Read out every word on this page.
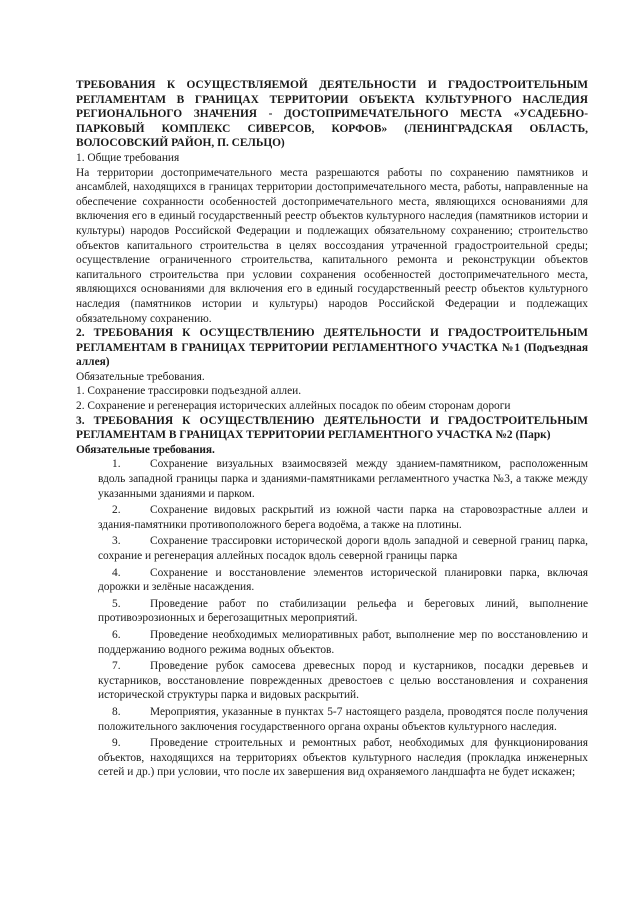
ТРЕБОВАНИЯ К ОСУЩЕСТВЛЯЕМОЙ ДЕЯТЕЛЬНОСТИ И ГРАДОСТРОИТЕЛЬНЫМ РЕГЛАМЕНТАМ В ГРАНИЦАХ ТЕРРИТОРИИ ОБЪЕКТА КУЛЬТУРНОГО НАСЛЕДИЯ РЕГИОНАЛЬНОГО ЗНАЧЕНИЯ - ДОСТОПРИМЕЧАТЕЛЬНОГО МЕСТА «УСАДЕБНО-ПАРКОВЫЙ КОМПЛЕКС СИВЕРСОВ, КОРФОВ» (ЛЕНИНГРАДСКАЯ ОБЛАСТЬ, ВОЛОСОВСКИЙ РАЙОН, П. СЕЛЬЦО)

1. Общие требования

На территории достопримечательного места разрешаются работы по сохранению памятников и ансамблей, находящихся в границах территории достопримечательного места, работы, направленные на обеспечение сохранности особенностей достопримечательного места, являющихся основаниями для включения его в единый государственный реестр объектов культурного наследия (памятников истории и культуры) народов Российской Федерации и подлежащих обязательному сохранению; строительство объектов капитального строительства в целях воссоздания утраченной градостроительной среды; осуществление ограниченного строительства, капитального ремонта и реконструкции объектов капитального строительства при условии сохранения особенностей достопримечательного места, являющихся основаниями для включения его в единый государственный реестр объектов культурного наследия (памятников истории и культуры) народов Российской Федерации и подлежащих обязательному сохранению.

2. ТРЕБОВАНИЯ К ОСУЩЕСТВЛЕНИЮ ДЕЯТЕЛЬНОСТИ И ГРАДОСТРОИТЕЛЬНЫМ РЕГЛАМЕНТАМ В ГРАНИЦАХ ТЕРРИТОРИИ РЕГЛАМЕНТНОГО УЧАСТКА №1 (Подъездная аллея)

Обязательные требования.

1. Сохранение трассировки подъездной аллеи.

2. Сохранение и регенерация исторических аллейных посадок по обеим сторонам дороги

3. ТРЕБОВАНИЯ К ОСУЩЕСТВЛЕНИЮ ДЕЯТЕЛЬНОСТИ И ГРАДОСТРОИТЕЛЬНЫМ РЕГЛАМЕНТАМ В ГРАНИЦАХ ТЕРРИТОРИИ РЕГЛАМЕНТНОГО УЧАСТКА №2 (Парк)

Обязательные требования.

1.	Сохранение визуальных взаимосвязей между зданием-памятником, расположенным вдоль западной границы парка и зданиями-памятниками регламентного участка №3, а также между указанными зданиями и парком.
2.	Сохранение видовых раскрытий из южной части парка на старовозрастные аллеи и здания-памятники противоположного берега водоёма, а также на плотины.
3.	Сохранение трассировки исторической дороги вдоль западной и северной границ парка, сохрание и регенерация аллейных посадок вдоль северной границы парка
4.	Сохранение и восстановление элементов исторической планировки парка, включая дорожки и зелёные насаждения.
5.	Проведение работ по стабилизации рельефа и береговых линий, выполнение противоэрозионных и берегозащитных мероприятий.
6.	Проведение необходимых мелиоративных работ, выполнение мер по восстановлению и поддержанию водного режима водных объектов.
7.	Проведение рубок самосева древесных пород и кустарников, посадки деревьев и кустарников, восстановление поврежденных древостоев с целью восстановления и сохранения исторической структуры парка и видовых раскрытий.
8.	Мероприятия, указанные в пунктах 5-7 настоящего раздела, проводятся после получения положительного заключения государственного органа охраны объектов культурного наследия.
9.	Проведение строительных и ремонтных работ, необходимых для функционирования объектов, находящихся на территориях объектов культурного наследия (прокладка инженерных сетей и др.) при условии, что после их завершения вид охраняемого ландшафта не будет искажен;
